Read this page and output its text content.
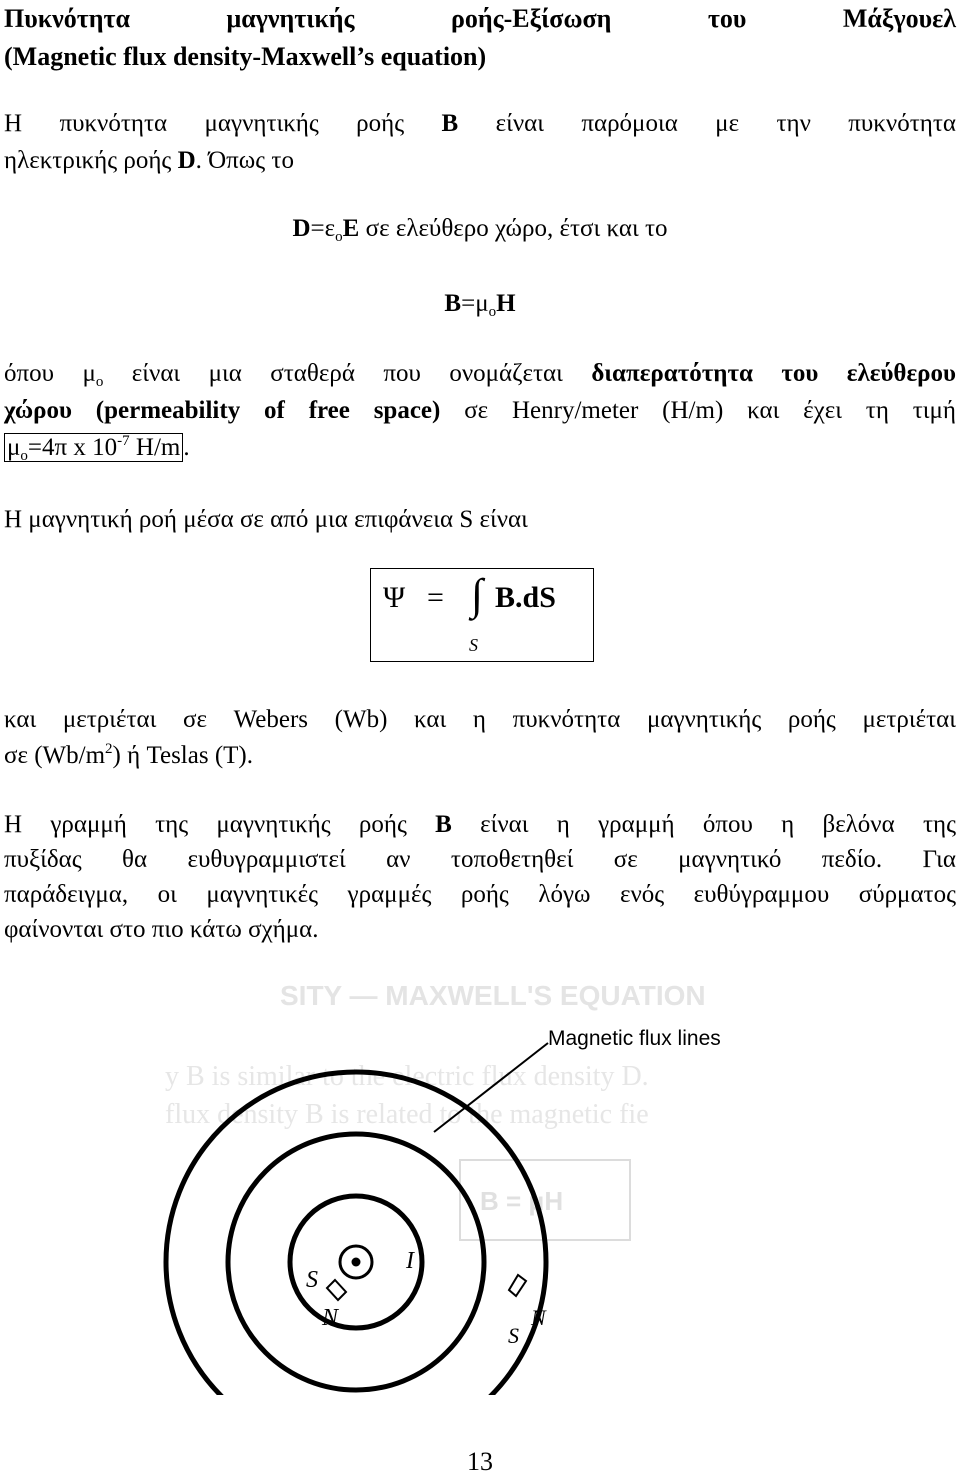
Πυκνότητα	μαγνητικής	ροής-Εξίσωση	του	Μάξγουελ
(Magnetic flux density-Maxwell’s equation)
Η πυκνότητα μαγνητικής ροής B είναι παρόμοια με την πυκνότητα
ηλεκτρικής ροής D. Όπως το
$D=\varepsilon_oE$ σε ελεύθερο χώρο, έτσι και το
$B=\mu_oH$
όπου $\mu_o$ είναι μια σταθερά που ονομάζεται διαπερατότητα του ελεύθερου
χώρου (permeability of free space) σε Henry/meter (H/m) και έχει τη τιμή
$\mu_o=4\pi$ x $10^{-7}$ H/m .
Η μαγνητική ροή μέσα σε από μια επιφάνεια S είναι
Ψ = ∫ B.dS
S
και μετριέται σε Webers (Wb) και η πυκνότητα μαγνητικής ροής μετριέται
σε $(Wb/m^2)$ ή Teslas (T).
Η γραμμή της μαγνητικής ροής B είναι η γραμμή όπου η βελόνα της
πυξίδας θα ευθυγραμμιστεί αν τοποθετηθεί σε μαγνητικό πεδίο. Για
παράδειγμα, οι μαγνητικές γραμμές ροής λόγω ενός ευθύγραμμου σύρματος
φαίνονται στο πιο κάτω σχήμα.
SITY — MAXWELL'S EQUATION
y B is similar to the electric flux density D.
flux density B is related to the magnetic fie
B = μH
I
S
N	N
S
Magnetic flux lines
13
